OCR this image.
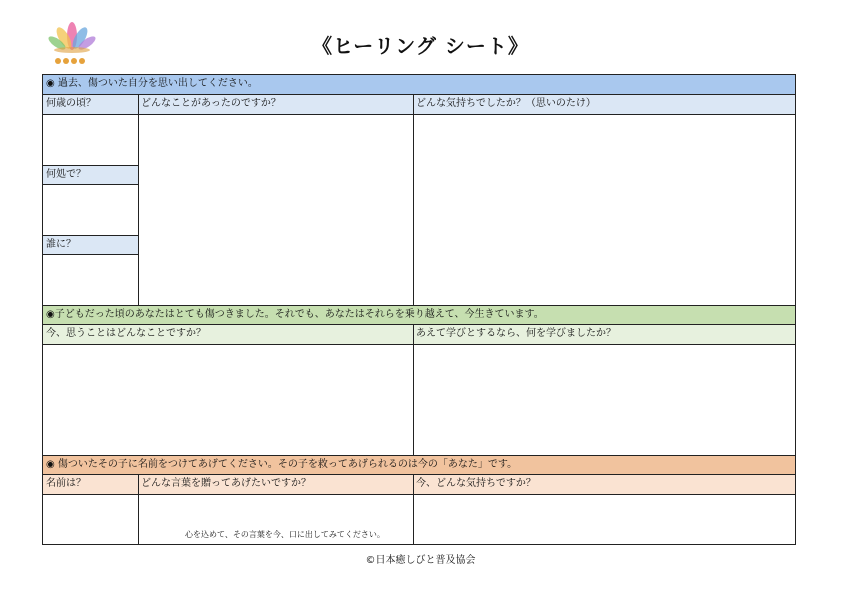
《ヒーリング シート》
◉ 過去、傷ついた自分を思い出してください。
何歳の頃？	どんなことがあったのですか？	どんな気持ちでしたか？（思いのたけ）
何処で？
誰に？
◉子どもだった頃のあなたはとても傷つきました。それでも、あなたはそれらを乗り越えて、今生きています。
今、思うことはどんなことですか？	あえて学びとするなら、何を学びましたか？
◉ 傷ついたその子に名前をつけてあげてください。その子を救ってあげられるのは今の「あなた」です。
名前は？	どんな言葉を贈ってあげたいですか？	今、どんな気持ちですか？
心を込めて、その言葉を今、口に出してみてください。
©日本癒しびと普及協会
